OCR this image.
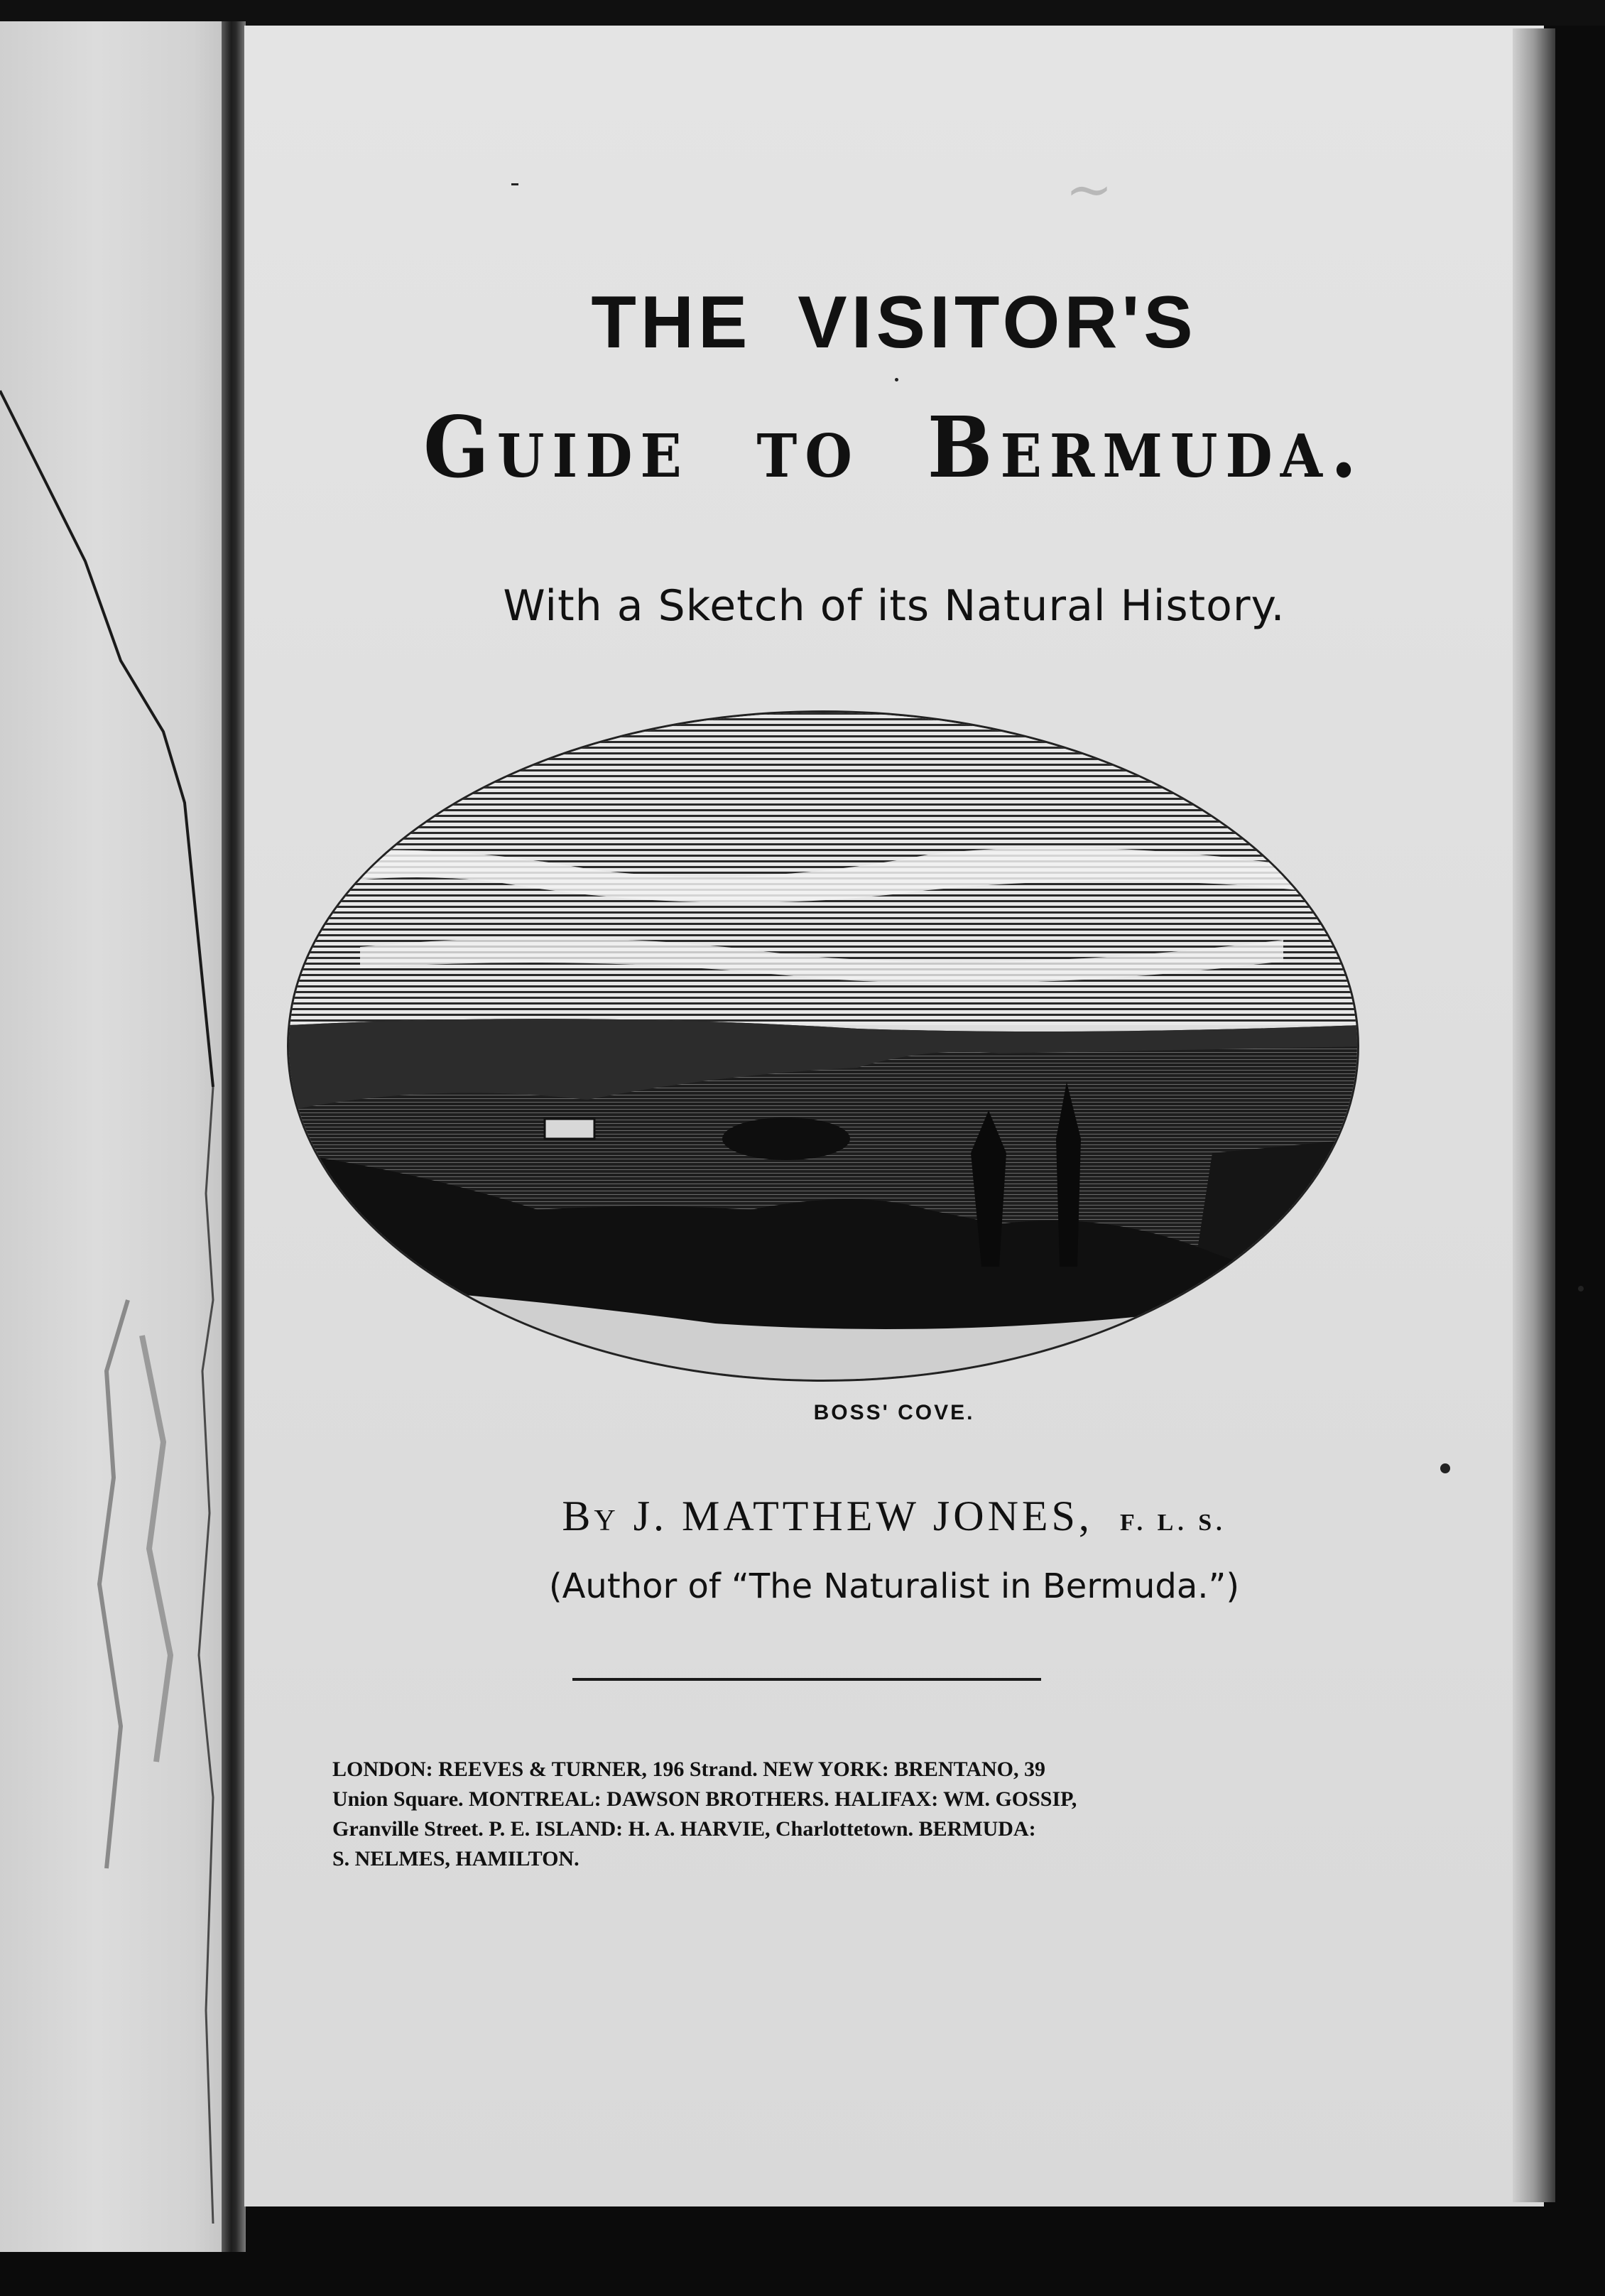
~
THE VISITOR'S
Guide to Bermuda.
With a Sketch of its Natural History.
BOSS' COVE.
By J. MATTHEW JONES, F. L. S.
(Author of “The Naturalist in Bermuda.”)
LONDON: REEVES & TURNER, 196 Strand. NEW YORK: BRENTANO, 39
Union Square. MONTREAL: DAWSON BROTHERS. HALIFAX: WM. GOSSIP,
Granville Street. P. E. ISLAND: H. A. HARVIE, Charlottetown. BERMUDA:
S. NELMES, HAMILTON.
